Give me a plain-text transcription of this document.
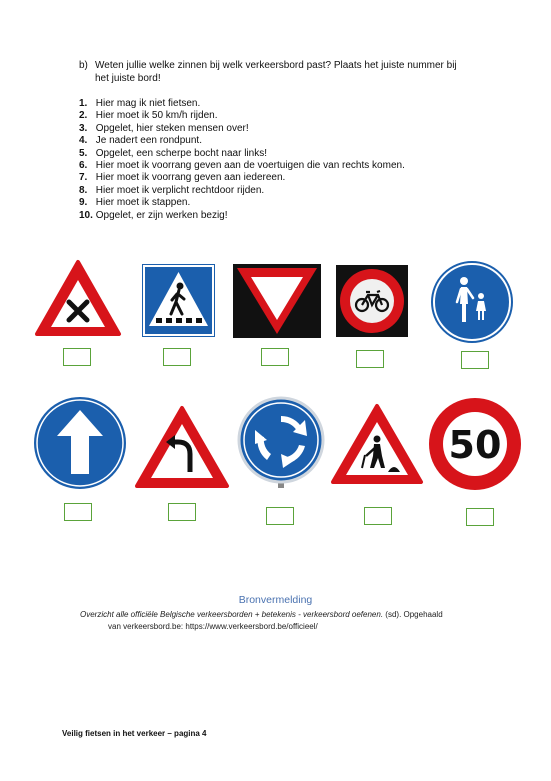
b) Weten jullie welke zinnen bij welk verkeersbord past? Plaats het juiste nummer bij
het juiste bord!
1. Hier mag ik niet fietsen.
2. Hier moet ik 50 km/h rijden.
3. Opgelet, hier steken mensen over!
4. Je nadert een rondpunt.
5. Opgelet, een scherpe bocht naar links!
6. Hier moet ik voorrang geven aan de voertuigen die van rechts komen.
7. Hier moet ik voorrang geven aan iedereen.
8. Hier moet ik verplicht rechtdoor rijden.
9. Hier moet ik stappen.
10. Opgelet, er zijn werken bezig!
50
Bronvermelding
Overzicht alle officiële Belgische verkeersborden + betekenis - verkeersbord oefenen. (sd). Opgehaald
van verkeersbord.be: https://www.verkeersbord.be/officieel/
Veilig fietsen in het verkeer – pagina 4
